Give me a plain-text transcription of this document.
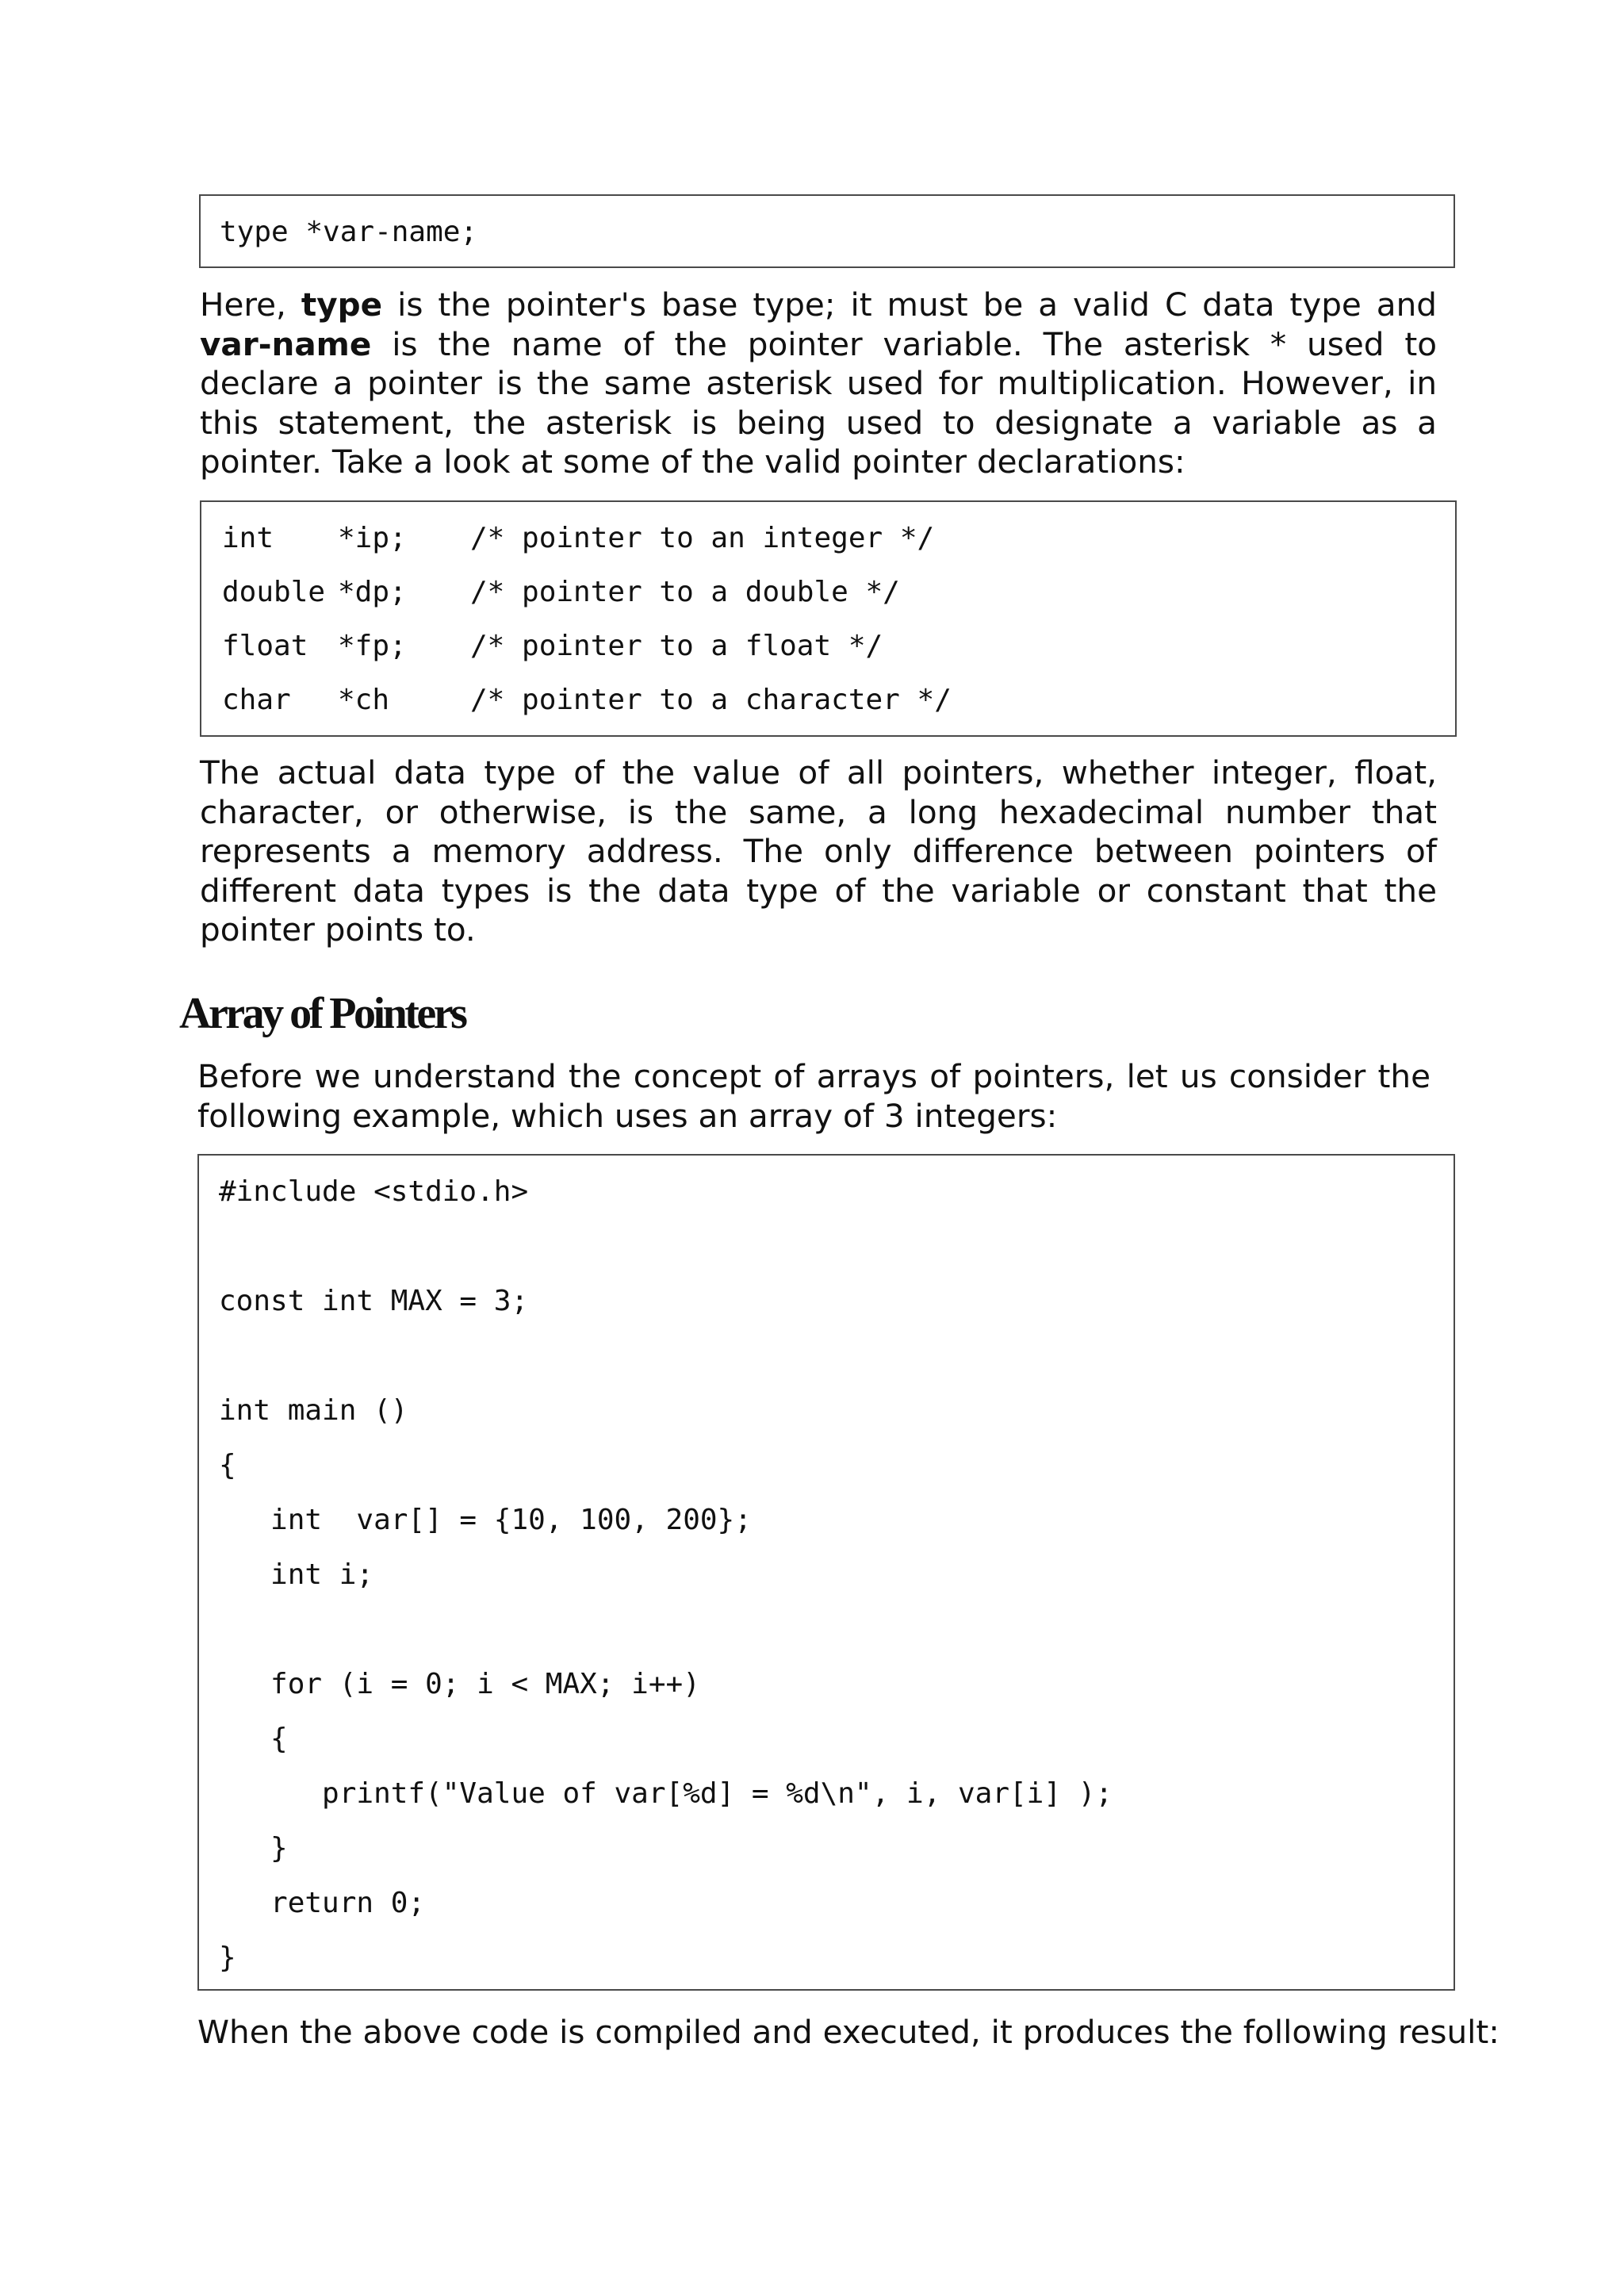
type *var-name;
Here, type is the pointer's base type; it must be a valid C data type and var-name is the name of the pointer variable. The asterisk * used to declare a pointer is the same asterisk used for multiplication. However, in this statement, the asterisk is being used to designate a variable as a pointer. Take a look at some of the valid pointer declarations:
int *ip; /* pointer to an integer */
double *dp; /* pointer to a double */
float *fp; /* pointer to a float */
char *ch	/* pointer to a character */
The actual data type of the value of all pointers, whether integer, float, character, or otherwise, is the same, a long hexadecimal number that represents a memory address. The only difference between pointers of different data types is the data type of the variable or constant that the pointer points to.
Array of Pointers
Before we understand the concept of arrays of pointers, let us consider the following example, which uses an array of 3 integers:
#include <stdio.h>
const int MAX = 3;
int main ()
{
int  var[] = {10, 100, 200};
int i;
for (i = 0; i < MAX; i++)
{
printf("Value of var[%d] = %d\n", i, var[i] );
}
return 0;
}
When the above code is compiled and executed, it produces the following result:
